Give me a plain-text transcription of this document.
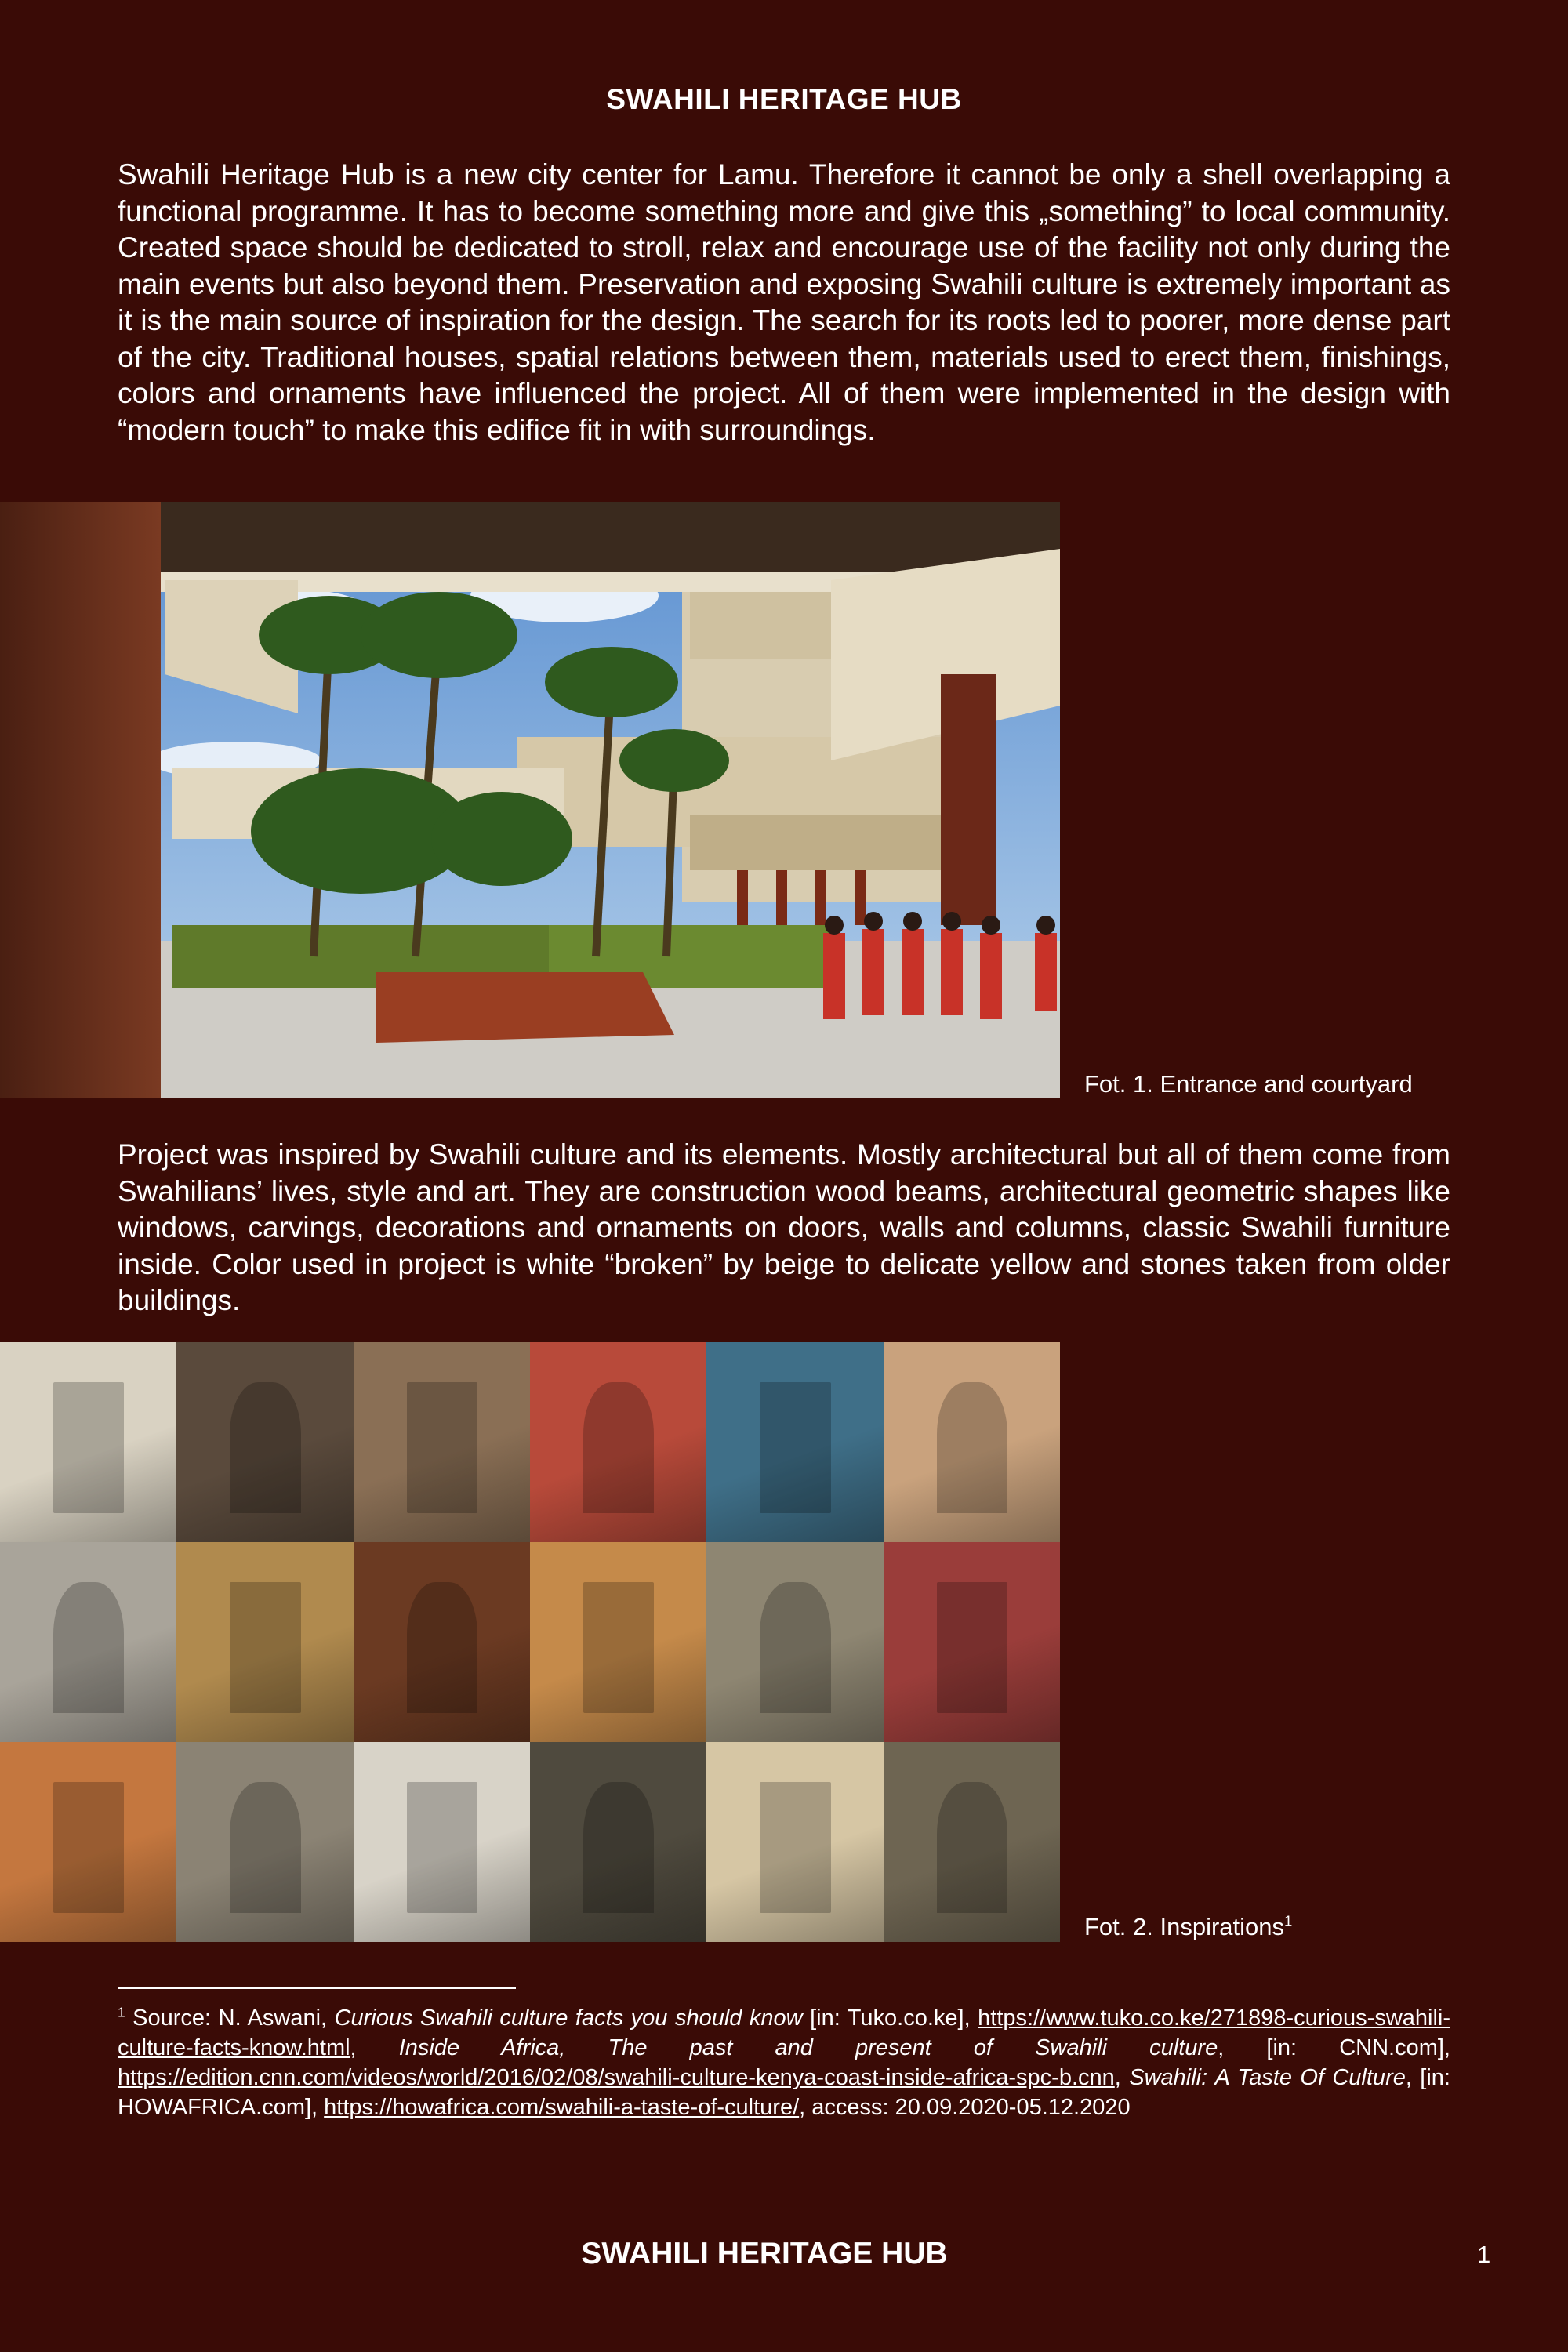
SWAHILI HERITAGE HUB

Swahili Heritage Hub is a new city center for Lamu. Therefore it cannot be only a shell overlapping a functional programme. It has to become something more and give this „something” to local community. Created space should be dedicated to stroll, relax and encourage use of the facility not only during the main events but also beyond them. Preservation and exposing Swahili culture is extremely important as it is the main source of inspiration for the design. The search for its roots led to poorer, more dense part of the city. Traditional houses, spatial relations between them, materials used to erect them, finishings, colors and ornaments have influenced the project. All of them were implemented in the design with “modern touch” to make this edifice fit in with surroundings.

Fot. 1. Entrance and courtyard

Project was inspired by Swahili culture and its elements. Mostly architectural but all of them come from Swahilians’ lives, style and art. They are construction wood beams, architectural geometric shapes like windows, carvings, decorations and ornaments on doors, walls and columns, classic Swahili furniture inside. Color used in project is white “broken” by beige to delicate yellow and stones taken from older buildings.

Fot. 2. Inspirations$^1$

$^1$ Source: N. Aswani, Curious Swahili culture facts you should know [in: Tuko.co.ke], https://www.tuko.co.ke/271898-curious-swahili-culture-facts-know.html, Inside Africa, The past and present of Swahili culture, [in: CNN.com], https://edition.cnn.com/videos/world/2016/02/08/swahili-culture-kenya-coast-inside-africa-spc-b.cnn, Swahili: A Taste Of Culture, [in: HOWAFRICA.com], https://howafrica.com/swahili-a-taste-of-culture/, access: 20.09.2020-05.12.2020

SWAHILI HERITAGE HUB	1
